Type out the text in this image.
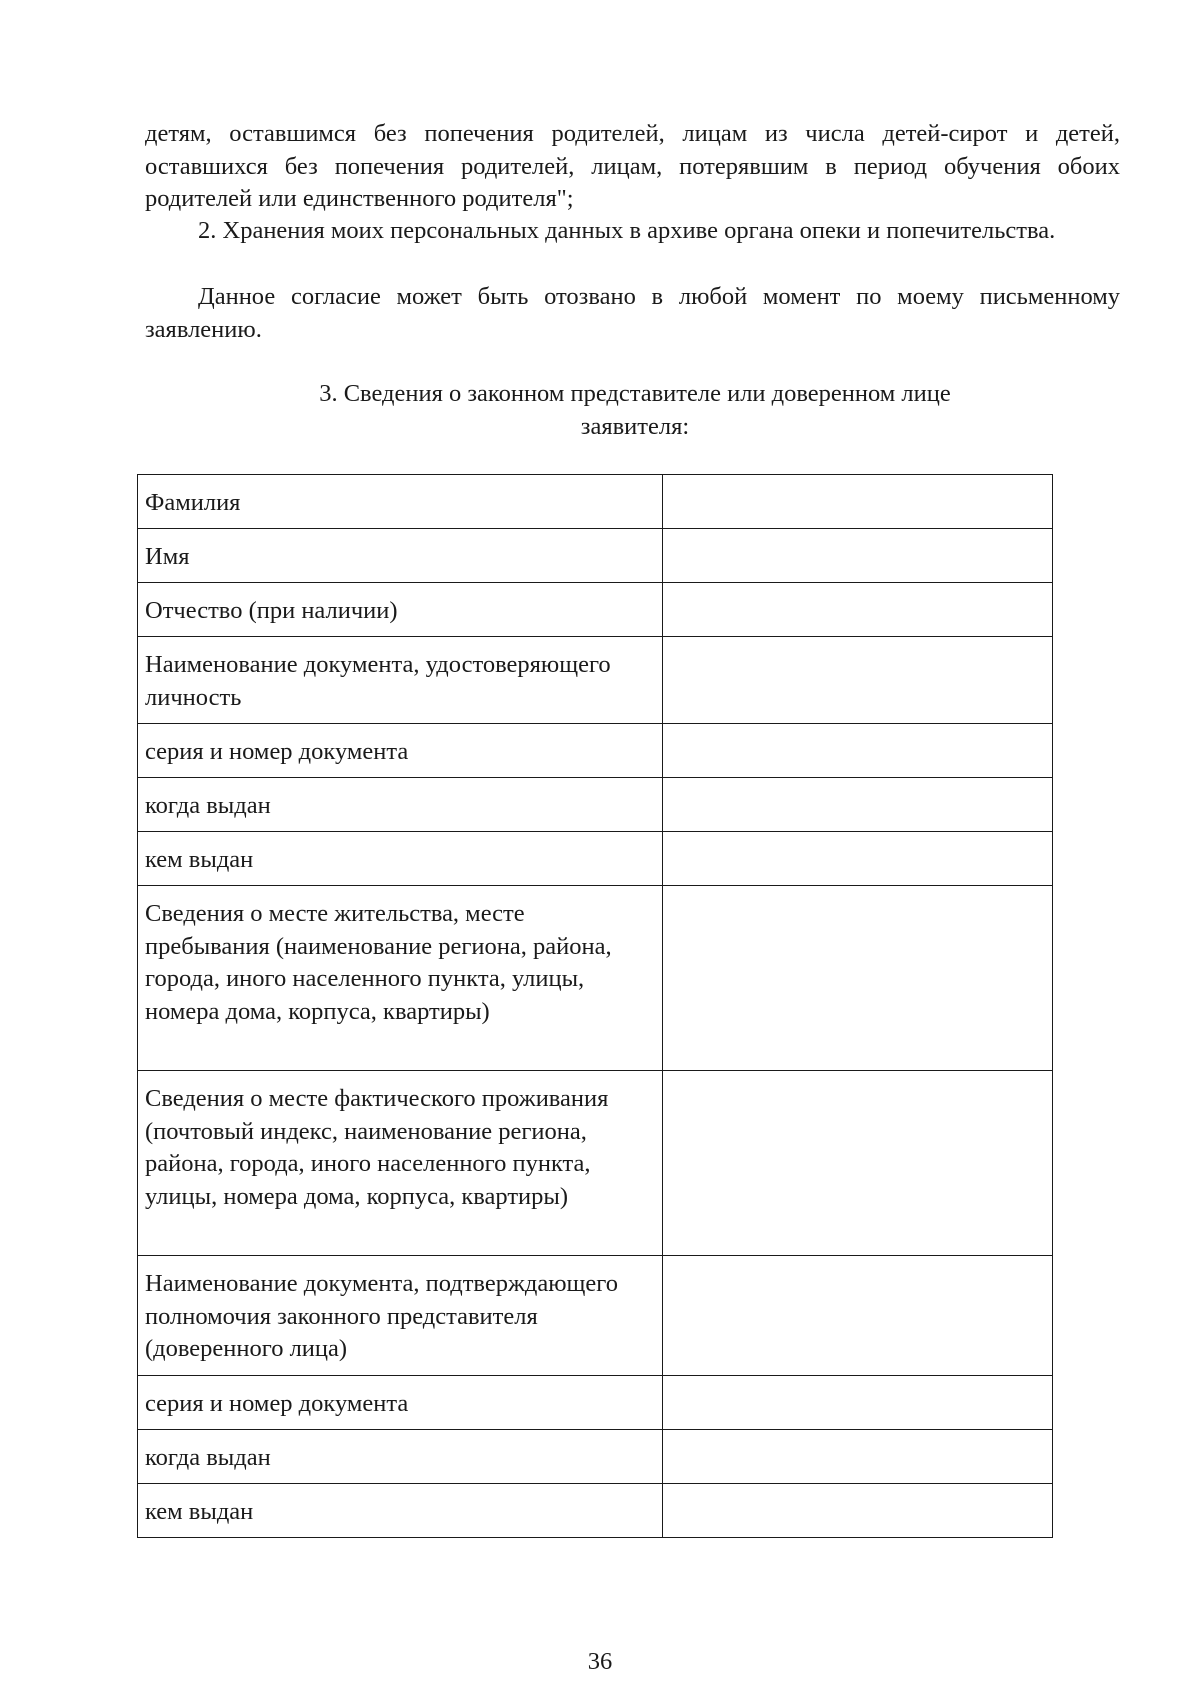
детям, оставшимся без попечения родителей, лицам из числа детей-сирот и детей, оставшихся без попечения родителей, лицам, потерявшим в период обучения обоих родителей или единственного родителя";

2. Хранения моих персональных данных в архиве органа опеки и попечительства.

Данное согласие может быть отозвано в любой момент по моему письменному заявлению.

3. Сведения о законном представителе или доверенном лице
заявителя:
Фамилия	
Имя	
Отчество (при наличии)	
Наименование документа, удостоверяющего личность	
серия и номер документа	
когда выдан	
кем выдан	
Сведения о месте жительства, месте пребывания (наименование региона, района, города, иного населенного пункта, улицы, номера дома, корпуса, квартиры)	
Сведения о месте фактического проживания (почтовый индекс, наименование региона, района, города, иного населенного пункта, улицы, номера дома, корпуса, квартиры)	
Наименование документа, подтверждающего полномочия законного представителя (доверенного лица)	
серия и номер документа	
когда выдан	
кем выдан	
36
